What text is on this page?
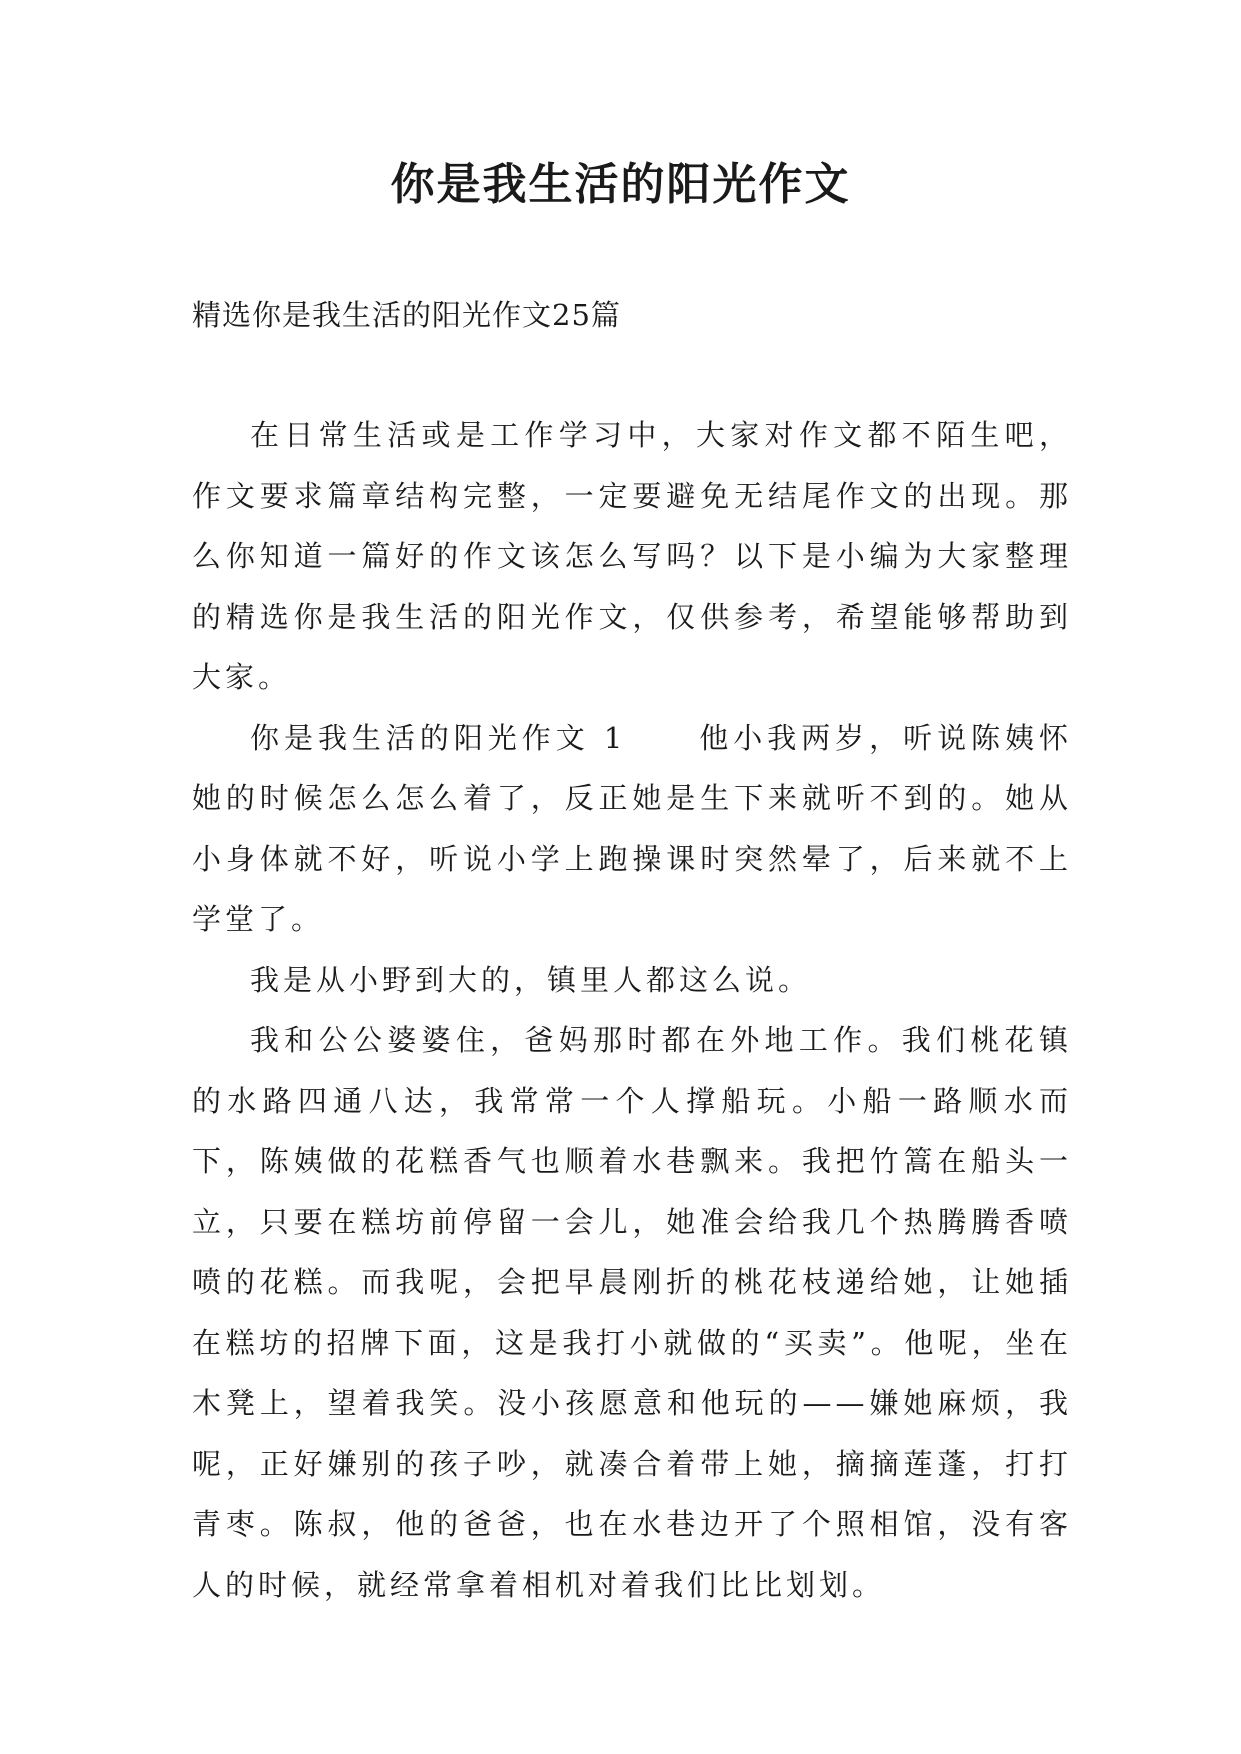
你是我生活的阳光作文

精选你是我生活的阳光作文25篇

在日常生活或是工作学习中，大家对作文都不陌生吧，作文要求篇章结构完整，一定要避免无结尾作文的出现。那么你知道一篇好的作文该怎么写吗？以下是小编为大家整理的精选你是我生活的阳光作文，仅供参考，希望能够帮助到大家。

你是我生活的阳光作文 1 他小我两岁，听说陈姨怀她的时候怎么怎么着了，反正她是生下来就听不到的。她从小身体就不好，听说小学上跑操课时突然晕了，后来就不上学堂了。

我是从小野到大的，镇里人都这么说。

我和公公婆婆住，爸妈那时都在外地工作。我们桃花镇的水路四通八达，我常常一个人撑船玩。小船一路顺水而下，陈姨做的花糕香气也顺着水巷飘来。我把竹篙在船头一立，只要在糕坊前停留一会儿，她准会给我几个热腾腾香喷喷的花糕。而我呢，会把早晨刚折的桃花枝递给她，让她插在糕坊的招牌下面，这是我打小就做的“买卖”。他呢，坐在木凳上，望着我笑。没小孩愿意和他玩的——嫌她麻烦，我呢，正好嫌别的孩子吵，就凑合着带上她，摘摘莲蓬，打打青枣。陈叔，他的爸爸，也在水巷边开了个照相馆，没有客人的时候，就经常拿着相机对着我们比比划划。
